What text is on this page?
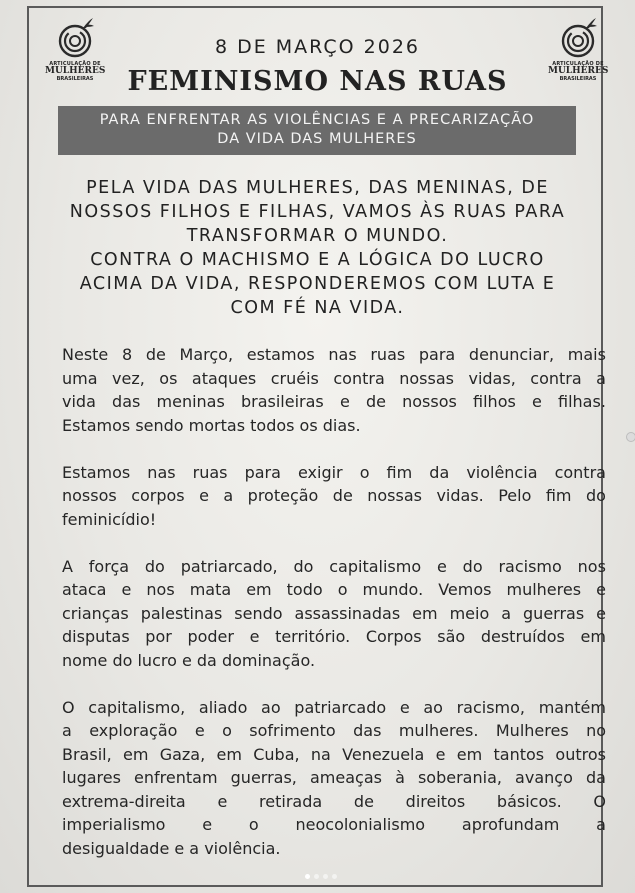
ARTICULAÇÃO DE
MULHERES
BRASILEIRAS
ARTICULAÇÃO DE
MULHERES
BRASILEIRAS
8 DE MARÇO 2026
FEMINISMO NAS RUAS
PARA ENFRENTAR AS VIOLÊNCIAS E A PRECARIZAÇÃO
DA VIDA DAS MULHERES
PELA VIDA DAS MULHERES, DAS MENINAS, DE
NOSSOS FILHOS E FILHAS, VAMOS ÀS RUAS PARA
TRANSFORMAR O MUNDO.
CONTRA O MACHISMO E A LÓGICA DO LUCRO
ACIMA DA VIDA, RESPONDEREMOS COM LUTA E
COM FÉ NA VIDA.
Neste 8 de Março, estamos nas ruas para denunciar, mais
uma vez, os ataques cruéis contra nossas vidas, contra a
vida das meninas brasileiras e de nossos filhos e filhas.
Estamos sendo mortas todos os dias.
Estamos nas ruas para exigir o fim da violência contra
nossos corpos e a proteção de nossas vidas. Pelo fim do
feminicídio!
A força do patriarcado, do capitalismo e do racismo nos
ataca e nos mata em todo o mundo. Vemos mulheres e
crianças palestinas sendo assassinadas em meio a guerras e
disputas por poder e território. Corpos são destruídos em
nome do lucro e da dominação.
O capitalismo, aliado ao patriarcado e ao racismo, mantém
a exploração e o sofrimento das mulheres. Mulheres no
Brasil, em Gaza, em Cuba, na Venezuela e em tantos outros
lugares enfrentam guerras, ameaças à soberania, avanço da
extrema-direita e retirada de direitos básicos. O
imperialismo e o neocolonialismo aprofundam a
desigualdade e a violência.
